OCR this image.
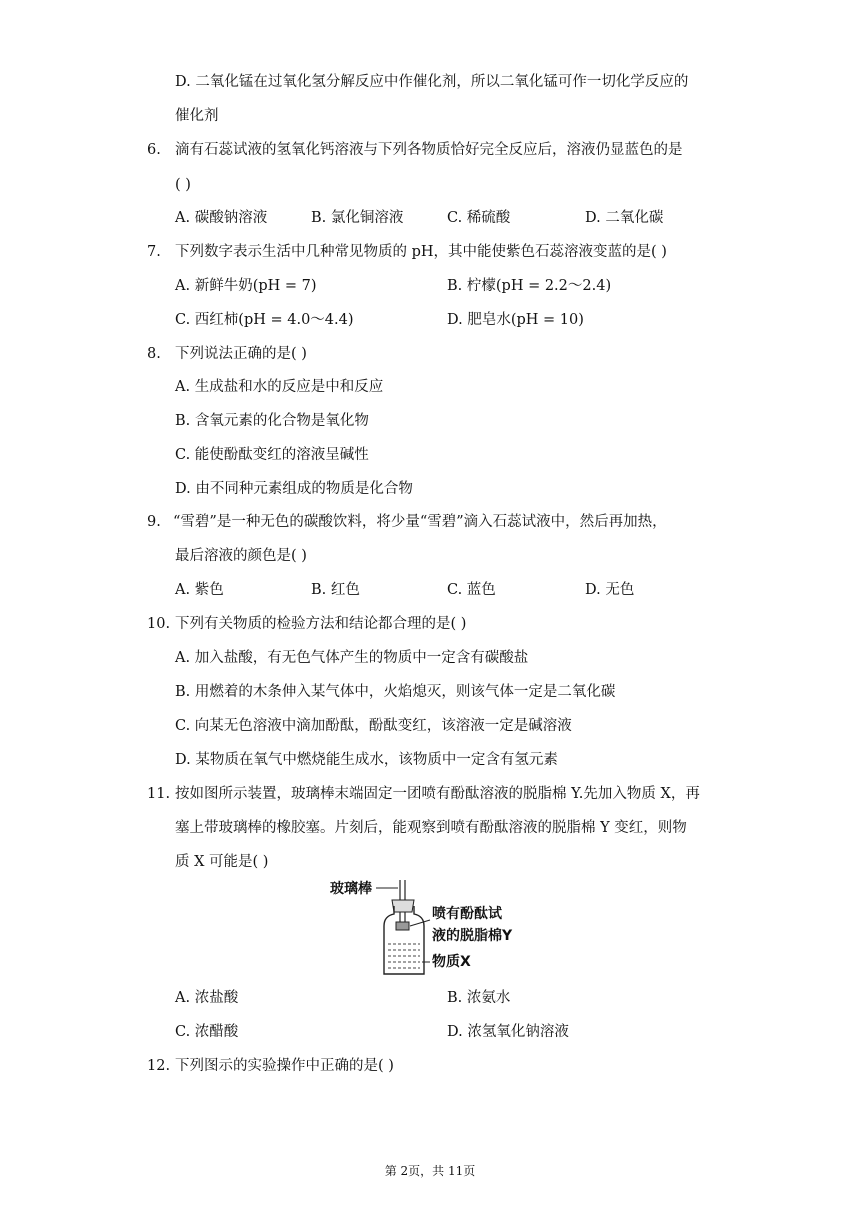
D. 二氧化锰在过氧化氢分解反应中作催化剂，所以二氧化锰可作一切化学反应的
催化剂
6. 滴有石蕊试液的氢氧化钙溶液与下列各物质恰好完全反应后，溶液仍显蓝色的是
( )
A. 碳酸钠溶液	B. 氯化铜溶液	C. 稀硫酸	D. 二氧化碳
7. 下列数字表示生活中几种常见物质的 pH，其中能使紫色石蕊溶液变蓝的是( )
A. 新鲜牛奶(pH = 7)	B. 柠檬(pH = 2.2～2.4)
C. 西红柿(pH = 4.0～4.4)	D. 肥皂水(pH = 10)
8. 下列说法正确的是( )
A. 生成盐和水的反应是中和反应
B. 含氧元素的化合物是氧化物
C. 能使酚酞变红的溶液呈碱性
D. 由不同种元素组成的物质是化合物
9. “雪碧”是一种无色的碳酸饮料，将少量“雪碧”滴入石蕊试液中，然后再加热，
最后溶液的颜色是( )
A. 紫色	B. 红色	C. 蓝色	D. 无色
10. 下列有关物质的检验方法和结论都合理的是( )
A. 加入盐酸，有无色气体产生的物质中一定含有碳酸盐
B. 用燃着的木条伸入某气体中，火焰熄灭，则该气体一定是二氧化碳
C. 向某无色溶液中滴加酚酞，酚酞变红，该溶液一定是碱溶液
D. 某物质在氧气中燃烧能生成水，该物质中一定含有氢元素
11. 按如图所示装置，玻璃棒末端固定一团喷有酚酞溶液的脱脂棉 Y.先加入物质 X，再
塞上带玻璃棒的橡胶塞。片刻后，能观察到喷有酚酞溶液的脱脂棉 Y 变红，则物
质 X 可能是( )
玻璃棒
喷有酚酞试
液的脱脂棉Y
物质X
A. 浓盐酸	B. 浓氨水
C. 浓醋酸	D. 浓氢氧化钠溶液
12. 下列图示的实验操作中正确的是( )
第 2页，共 11页
